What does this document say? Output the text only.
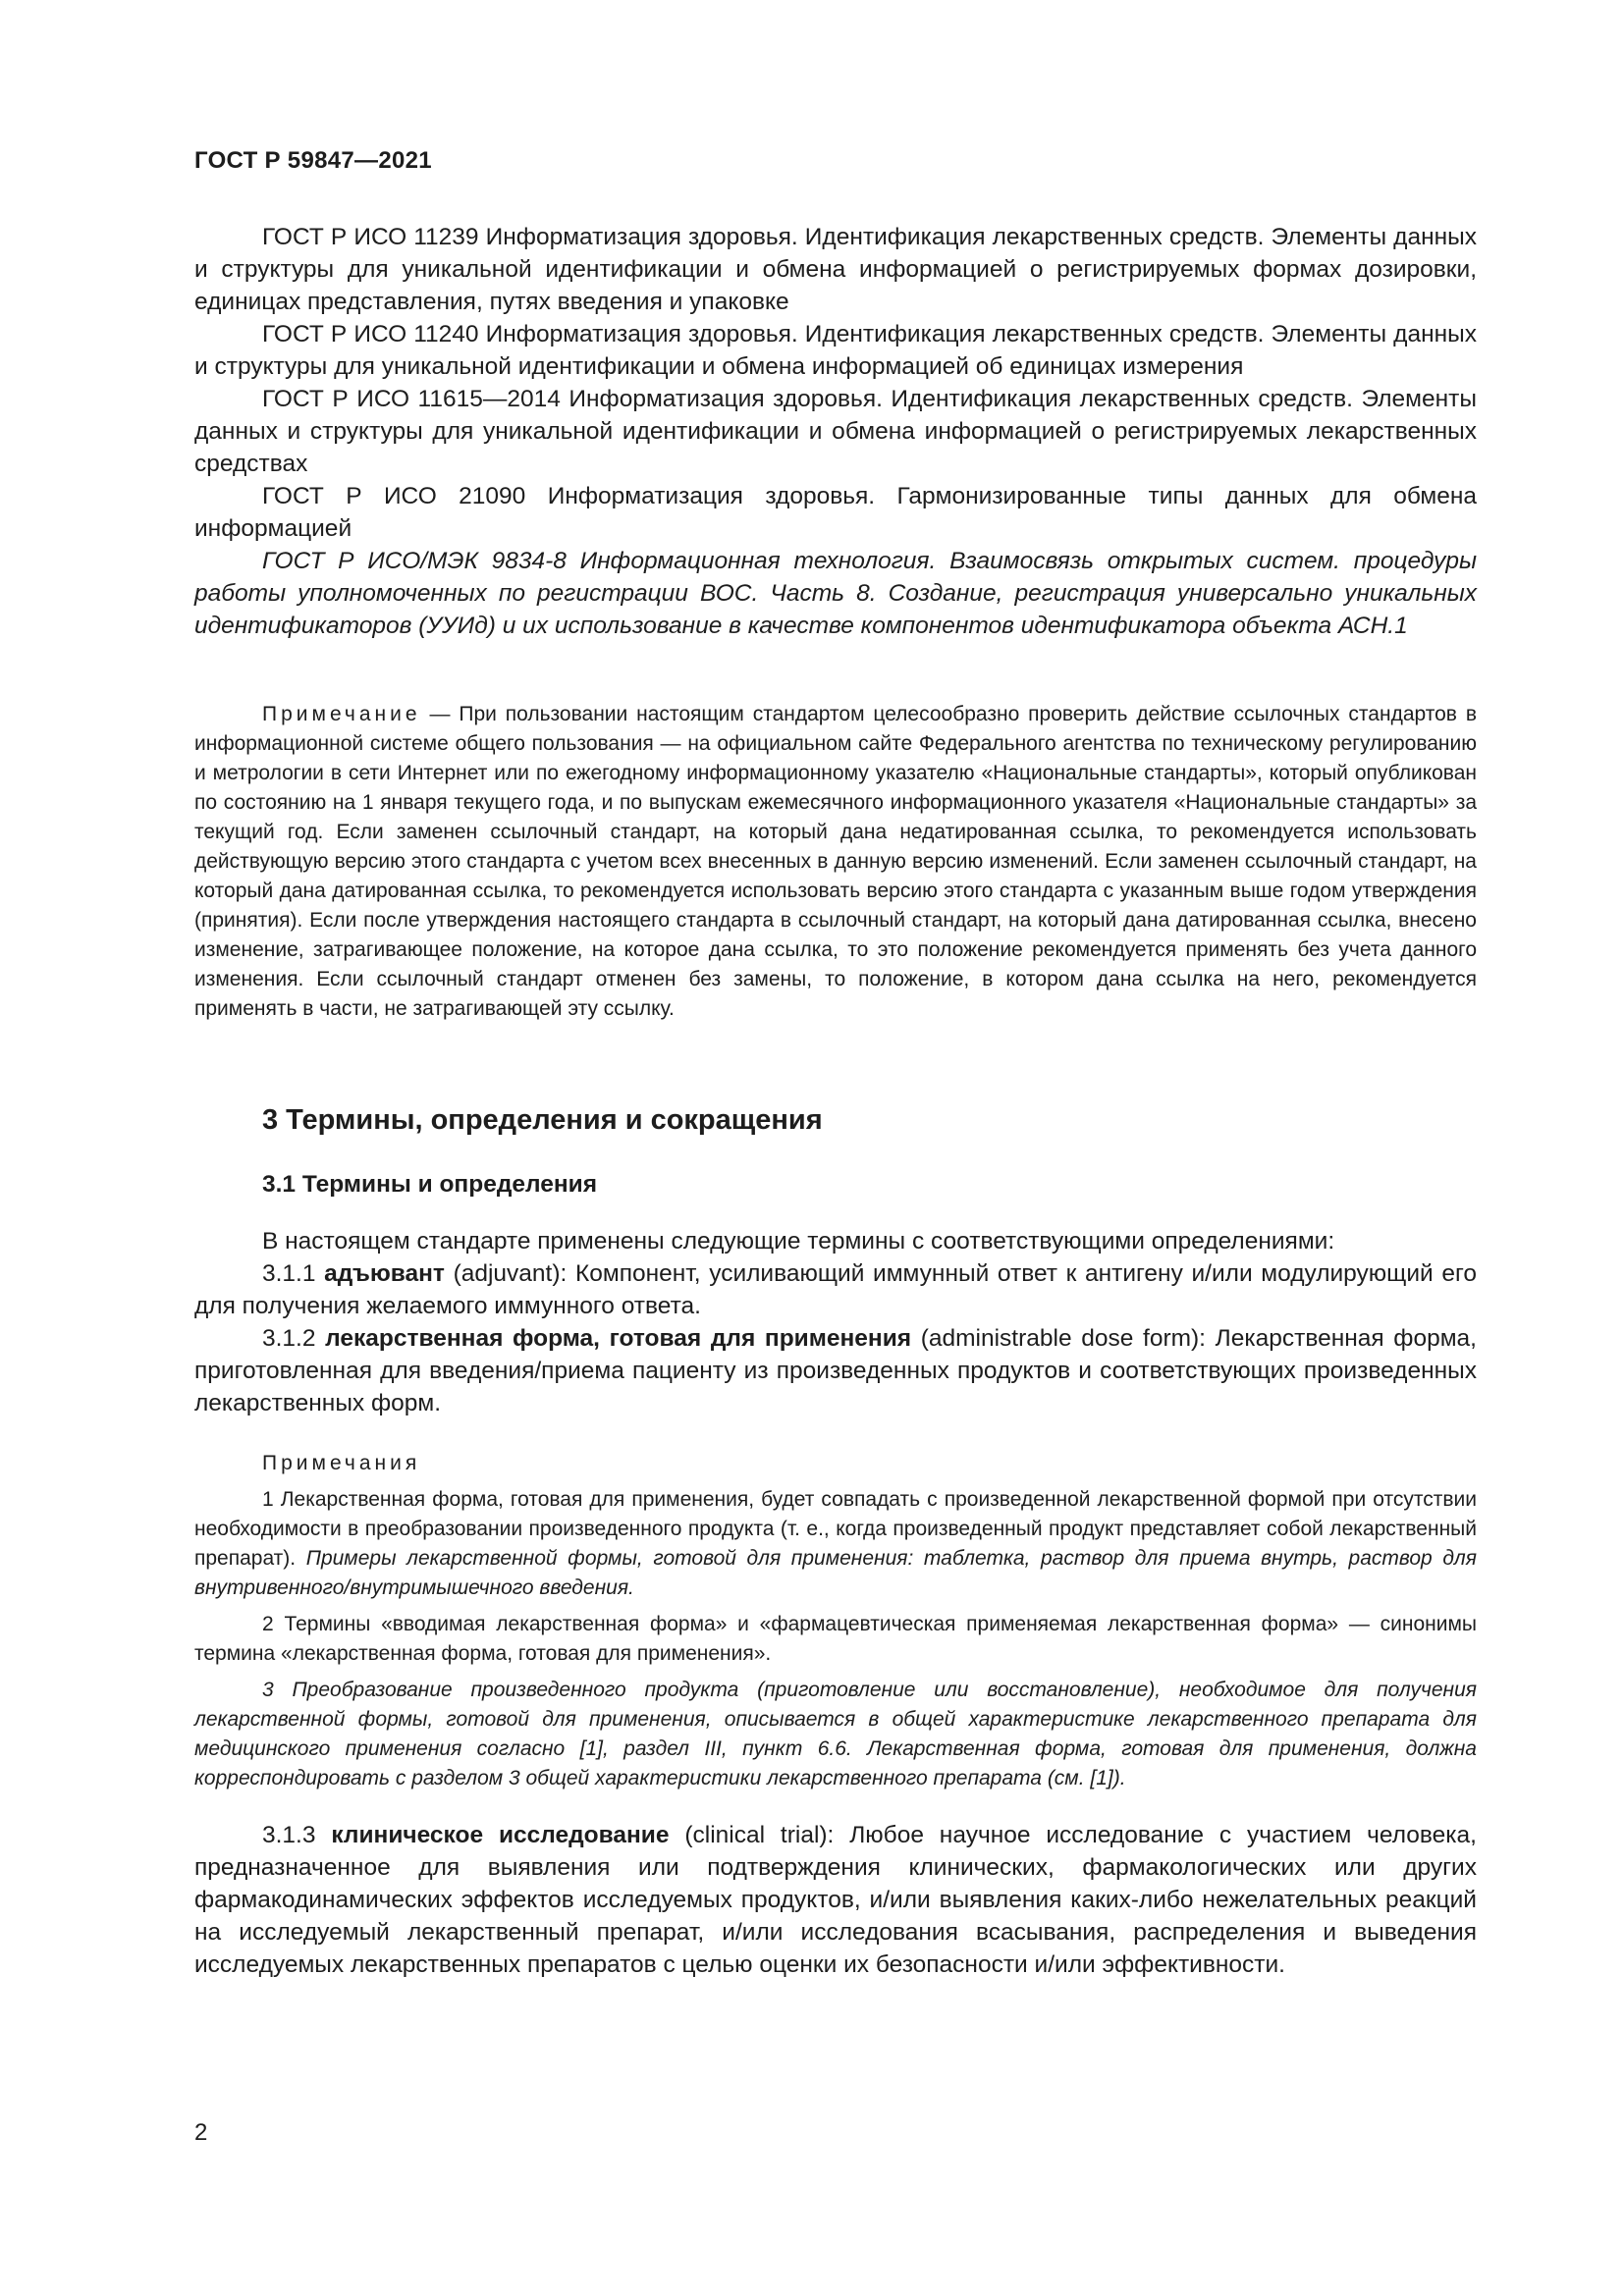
ГОСТ Р 59847—2021

ГОСТ Р ИСО 11239 Информатизация здоровья. Идентификация лекарственных средств. Элементы данных и структуры для уникальной идентификации и обмена информацией о регистрируемых формах дозировки, единицах представления, путях введения и упаковке

ГОСТ Р ИСО 11240 Информатизация здоровья. Идентификация лекарственных средств. Элементы данных и структуры для уникальной идентификации и обмена информацией об единицах измерения

ГОСТ Р ИСО 11615—2014 Информатизация здоровья. Идентификация лекарственных средств. Элементы данных и структуры для уникальной идентификации и обмена информацией о регистрируемых лекарственных средствах

ГОСТ Р ИСО 21090 Информатизация здоровья. Гармонизированные типы данных для обмена информацией

ГОСТ Р ИСО/МЭК 9834-8 Информационная технология. Взаимосвязь открытых систем. процедуры работы уполномоченных по регистрации ВОС. Часть 8. Создание, регистрация универсально уникальных идентификаторов (УУИд) и их использование в качестве компонентов идентификатора объекта АСН.1

Примечание — При пользовании настоящим стандартом целесообразно проверить действие ссылочных стандартов в информационной системе общего пользования — на официальном сайте Федерального агентства по техническому регулированию и метрологии в сети Интернет или по ежегодному информационному указателю «Национальные стандарты», который опубликован по состоянию на 1 января текущего года, и по выпускам ежемесячного информационного указателя «Национальные стандарты» за текущий год. Если заменен ссылочный стандарт, на который дана недатированная ссылка, то рекомендуется использовать действующую версию этого стандарта с учетом всех внесенных в данную версию изменений. Если заменен ссылочный стандарт, на который дана датированная ссылка, то рекомендуется использовать версию этого стандарта с указанным выше годом утверждения (принятия). Если после утверждения настоящего стандарта в ссылочный стандарт, на который дана датированная ссылка, внесено изменение, затрагивающее положение, на которое дана ссылка, то это положение рекомендуется применять без учета данного изменения. Если ссылочный стандарт отменен без замены, то положение, в котором дана ссылка на него, рекомендуется применять в части, не затрагивающей эту ссылку.

3 Термины, определения и сокращения
3.1 Термины и определения

В настоящем стандарте применены следующие термины с соответствующими определениями:

3.1.1 адъювант (adjuvant): Компонент, усиливающий иммунный ответ к антигену и/или модулирующий его для получения желаемого иммунного ответа.

3.1.2 лекарственная форма, готовая для применения (administrable dose form): Лекарственная форма, приготовленная для введения/приема пациенту из произведенных продуктов и соответствующих произведенных лекарственных форм.

Примечания

1 Лекарственная форма, готовая для применения, будет совпадать с произведенной лекарственной формой при отсутствии необходимости в преобразовании произведенного продукта (т. е., когда произведенный продукт представляет собой лекарственный препарат). Примеры лекарственной формы, готовой для применения: таблетка, раствор для приема внутрь, раствор для внутривенного/внутримышечного введения.

2 Термины «вводимая лекарственная форма» и «фармацевтическая применяемая лекарственная форма» — синонимы термина «лекарственная форма, готовая для применения».

3 Преобразование произведенного продукта (приготовление или восстановление), необходимое для получения лекарственной формы, готовой для применения, описывается в общей характеристике лекарственного препарата для медицинского применения согласно [1], раздел III, пункт 6.6. Лекарственная форма, готовая для применения, должна корреспондировать с разделом 3 общей характеристики лекарственного препарата (см. [1]).

3.1.3 клиническое исследование (clinical trial): Любое научное исследование с участием человека, предназначенное для выявления или подтверждения клинических, фармакологических или других фармакодинамических эффектов исследуемых продуктов, и/или выявления каких-либо нежелательных реакций на исследуемый лекарственный препарат, и/или исследования всасывания, распределения и выведения исследуемых лекарственных препаратов с целью оценки их безопасности и/или эффективности.

2
